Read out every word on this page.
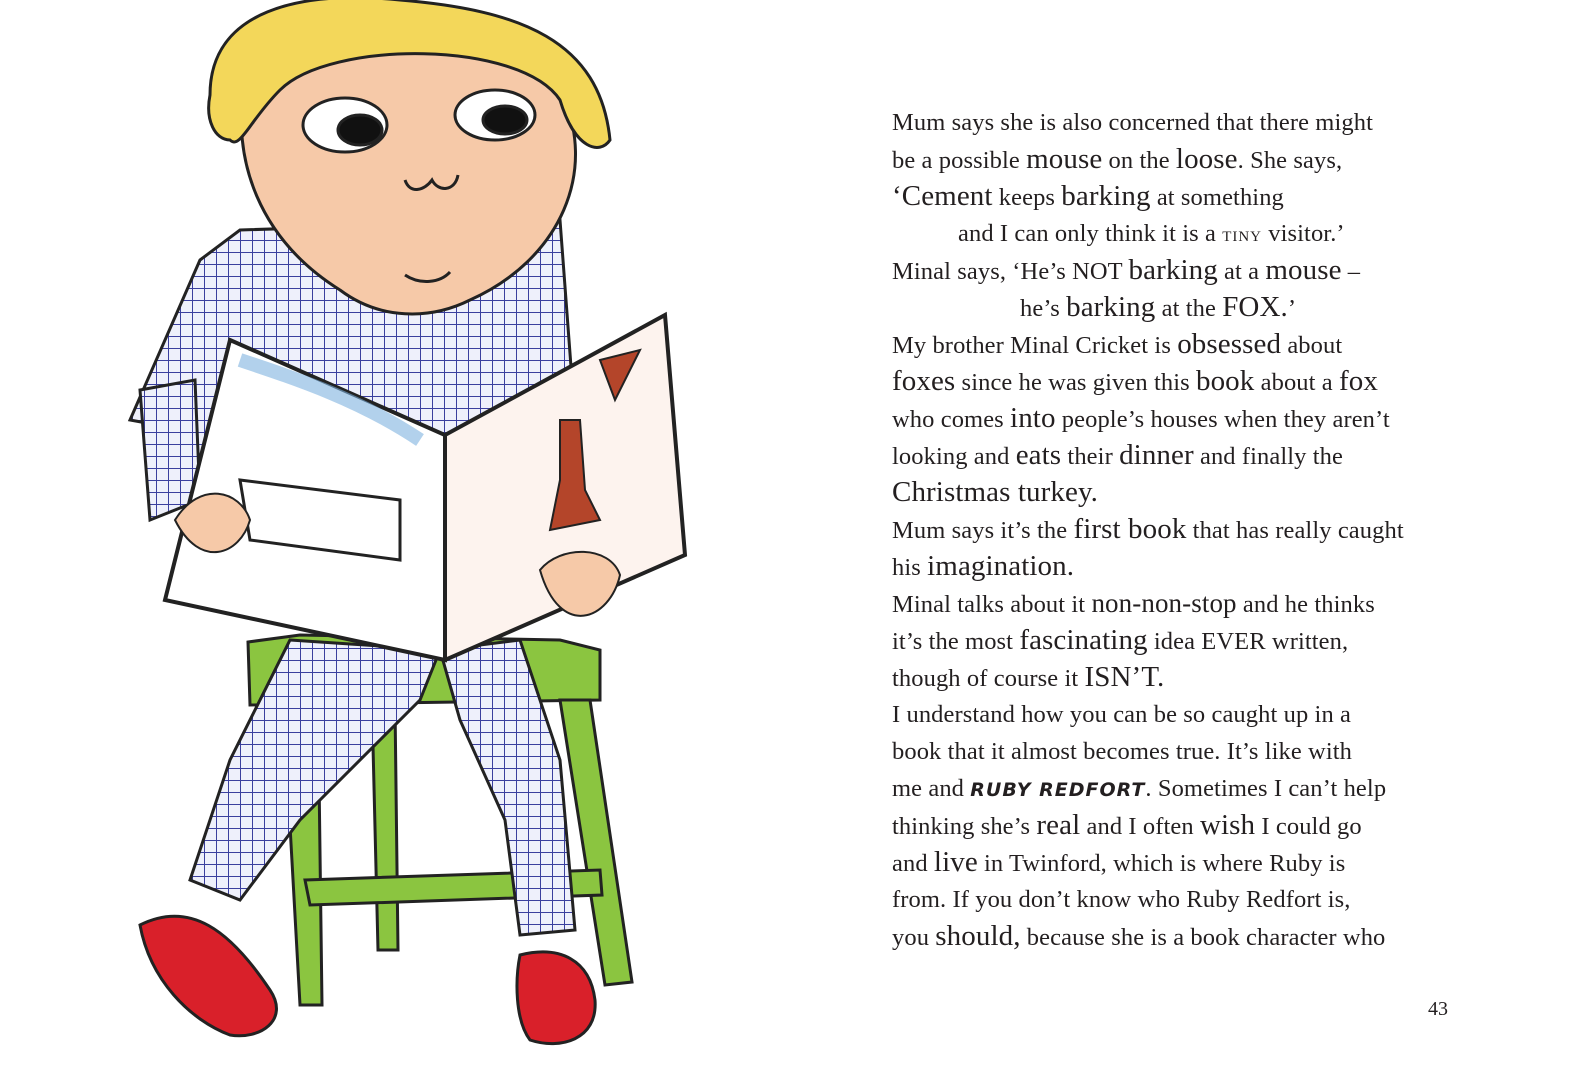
Mum says she is also concerned that there might
be a possible mouse on the loose. She says,
‘Cement keeps barking at something
and I can only think it is a TINY visitor.’
Minal says, ‘He’s NOT barking at a mouse –
he’s barking at the FOX.’
My brother Minal Cricket is obsessed about
foxes since he was given this book about a fox
who comes into people’s houses when they aren’t
looking and eats their dinner and finally the
Christmas turkey.
Mum says it’s the first book that has really caught
his imagination.
Minal talks about it non-non-stop and he thinks
it’s the most fascinating idea EVER written,
though of course it ISN’T.
I understand how you can be so caught up in a
book that it almost becomes true. It’s like with
me and RUBY REDFORT. Sometimes I can’t help
thinking she’s real and I often wish I could go
and live in Twinford, which is where Ruby is
from. If you don’t know who Ruby Redfort is,
you should, because she is a book character who
43
